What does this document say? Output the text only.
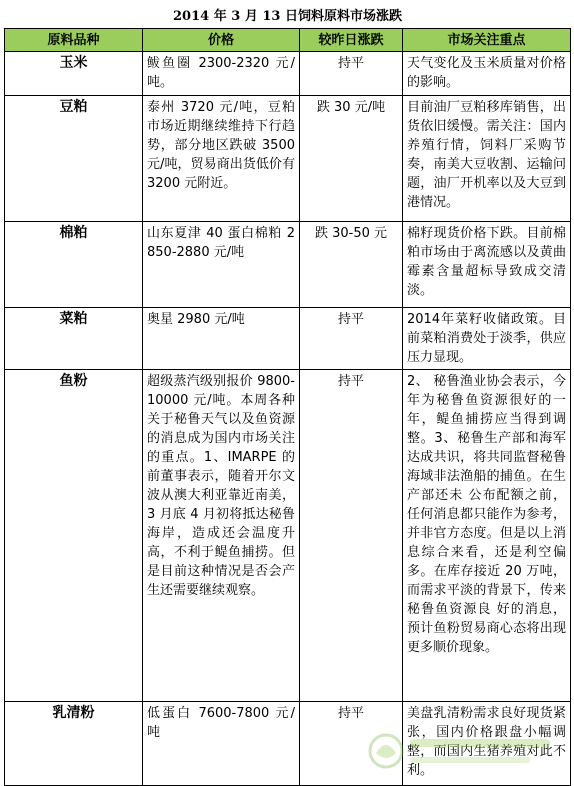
2014 年 3 月 13 日饲料原料市场涨跌
原料品种	价格	较昨日涨跌	市场关注重点
玉米	鲅鱼圈 2300-2320 元/吨。	持平	天气变化及玉米质量对价格的影响。
豆粕	泰州 3720 元/吨，豆粕市场近期继续维持下行趋势，部分地区跌破 3500 元/吨，贸易商出货低价有 3200 元附近。	跌 30 元/吨	目前油厂豆粕移库销售，出货依旧缓慢。需关注：国内养殖行情，饲料厂采购节奏，南美大豆收割、运输问题，油厂开机率以及大豆到港情况。
棉粕	山东夏津 40 蛋白棉粕 2850-2880 元/吨	跌 30-50 元	棉籽现货价格下跌。目前棉粕市场由于离流感以及黄曲霉素含量超标导致成交清淡。
菜粕	奥星 2980 元/吨	持平	2014年菜籽收储政策。目前菜粕消费处于淡季，供应压力显现。
鱼粉	超级蒸汽级别报价 9800-10000 元/吨。本周各种关于秘鲁天气以及鱼资源的消息成为国内市场关注的重点。1、IMARPE 的前董事表示，随着开尔文波从澳大利亚靠近南美，3 月底 4 月初将抵达秘鲁海岸，造成还会温度升高，不利于鳀鱼捕捞。但是目前这种情况是否会产生还需要继续观察。	持平	2、 秘鲁渔业协会表示，今年为秘鲁鱼资源很好的一年，鳀鱼捕捞应当得到调整。3、秘鲁生产部和海军达成共识，将共同监督秘鲁海域非法渔船的捕鱼。在生产部还未 公布配额之前，任何消息都只能作为参考，并非官方态度。但是以上消息综合来看，还是利空偏多。在库存接近 20 万吨，而需求平淡的背景下，传来秘鲁鱼资源良 好的消息，预计鱼粉贸易商心态将出现更多顺价现象。
乳清粉	低蛋白 7600-7800 元/吨	持平	美盘乳清粉需求良好现货紧张，国内价格跟盘小幅调整，而国内生猪养殖对此不利。
